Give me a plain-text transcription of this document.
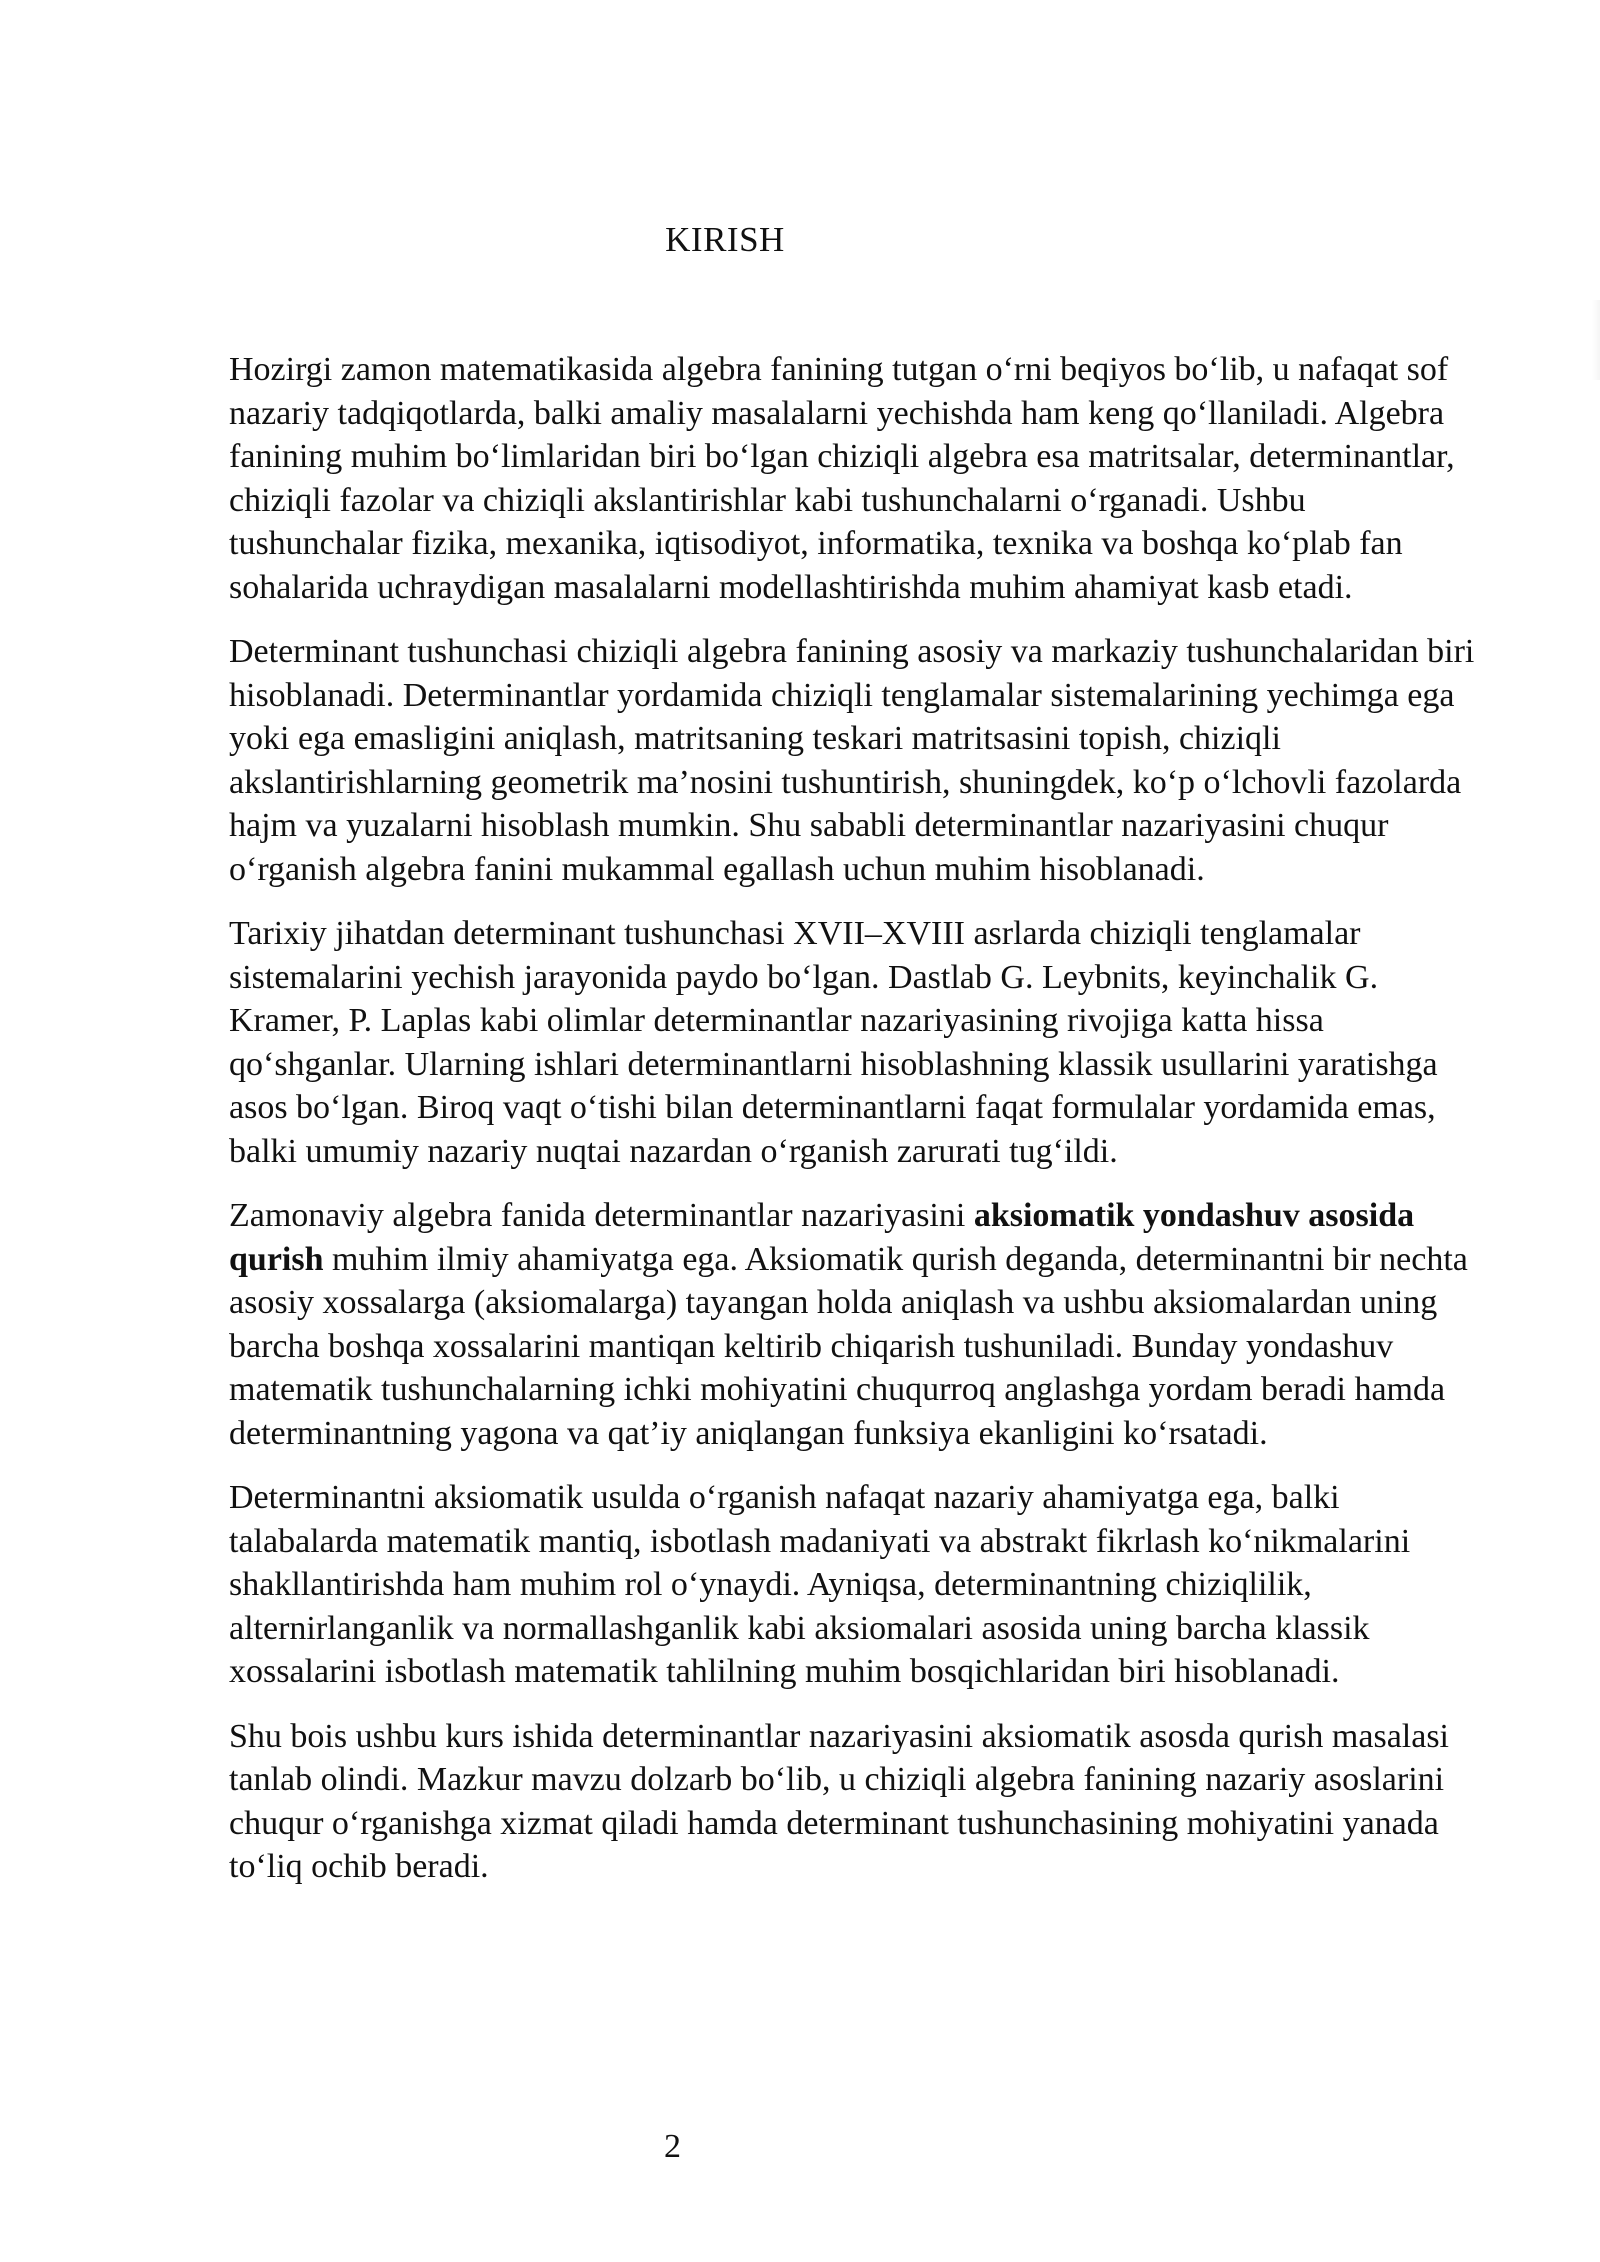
KIRISH

Hozirgi zamon matematikasida algebra fanining tutgan o‘rni beqiyos bo‘lib, u nafaqat sof nazariy tadqiqotlarda, balki amaliy masalalarni yechishda ham keng qo‘llaniladi. Algebra fanining muhim bo‘limlaridan biri bo‘lgan chiziqli algebra esa matritsalar, determinantlar, chiziqli fazolar va chiziqli akslantirishlar kabi tushunchalarni o‘rganadi. Ushbu tushunchalar fizika, mexanika, iqtisodiyot, informatika, texnika va boshqa ko‘plab fan sohalarida uchraydigan masalalarni modellashtirishda muhim ahamiyat kasb etadi.

Determinant tushunchasi chiziqli algebra fanining asosiy va markaziy tushunchalaridan biri hisoblanadi. Determinantlar yordamida chiziqli tenglamalar sistemalarining yechimga ega yoki ega emasligini aniqlash, matritsaning teskari matritsasini topish, chiziqli akslantirishlarning geometrik ma’nosini tushuntirish, shuningdek, ko‘p o‘lchovli fazolarda hajm va yuzalarni hisoblash mumkin. Shu sababli determinantlar nazariyasini chuqur o‘rganish algebra fanini mukammal egallash uchun muhim hisoblanadi.

Tarixiy jihatdan determinant tushunchasi XVII–XVIII asrlarda chiziqli tenglamalar sistemalarini yechish jarayonida paydo bo‘lgan. Dastlab G. Leybnits, keyinchalik G. Kramer, P. Laplas kabi olimlar determinantlar nazariyasining rivojiga katta hissa qo‘shganlar. Ularning ishlari determinantlarni hisoblashning klassik usullarini yaratishga asos bo‘lgan. Biroq vaqt o‘tishi bilan determinantlarni faqat formulalar yordamida emas, balki umumiy nazariy nuqtai nazardan o‘rganish zarurati tug‘ildi.

Zamonaviy algebra fanida determinantlar nazariyasini aksiomatik yondashuv asosida qurish muhim ilmiy ahamiyatga ega. Aksiomatik qurish deganda, determinantni bir nechta asosiy xossalarga (aksiomalarga) tayangan holda aniqlash va ushbu aksiomalardan uning barcha boshqa xossalarini mantiqan keltirib chiqarish tushuniladi. Bunday yondashuv matematik tushunchalarning ichki mohiyatini chuqurroq anglashga yordam beradi hamda determinantning yagona va qat’iy aniqlangan funksiya ekanligini ko‘rsatadi.

Determinantni aksiomatik usulda o‘rganish nafaqat nazariy ahamiyatga ega, balki talabalarda matematik mantiq, isbotlash madaniyati va abstrakt fikrlash ko‘nikmalarini shakllantirishda ham muhim rol o‘ynaydi. Ayniqsa, determinantning chiziqlilik, alternirlanganlik va normallashganlik kabi aksiomalari asosida uning barcha klassik xossalarini isbotlash matematik tahlilning muhim bosqichlaridan biri hisoblanadi.

Shu bois ushbu kurs ishida determinantlar nazariyasini aksiomatik asosda qurish masalasi tanlab olindi. Mazkur mavzu dolzarb bo‘lib, u chiziqli algebra fanining nazariy asoslarini chuqur o‘rganishga xizmat qiladi hamda determinant tushunchasining mohiyatini yanada to‘liq ochib beradi.

2
